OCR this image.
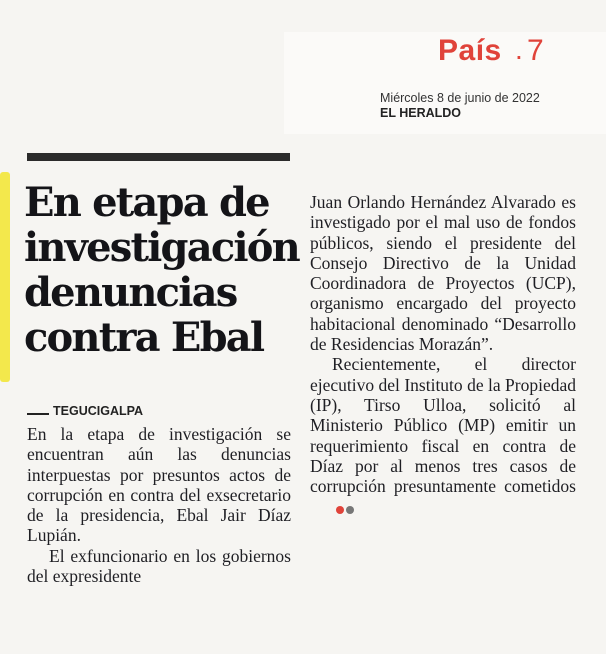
País . 7
Miércoles 8 de junio de 2022
EL HERALDO
En etapa de
investigación
denuncias
contra Ebal
TEGUCIGALPA

En la etapa de investigación se encuentran aún las denuncias interpuestas por presuntos actos de corrupción en contra del exsecretario de la presidencia, Ebal Jair Díaz Lupián.

El exfuncionario en los gobiernos del expresidente

Juan Orlando Hernández Alvarado es investigado por el mal uso de fondos públicos, siendo el presidente del Consejo Directivo de la Unidad Coordinadora de Proyectos (UCP), organismo encargado del proyecto habitacional denominado “Desarrollo de Residencias Morazán”.

Recientemente, el director ejecutivo del Instituto de la Propiedad (IP), Tirso Ulloa, solicitó al Ministerio Público (MP) emitir un requerimiento fiscal en contra de Díaz por al menos tres casos de corrupción presuntamente cometidos
